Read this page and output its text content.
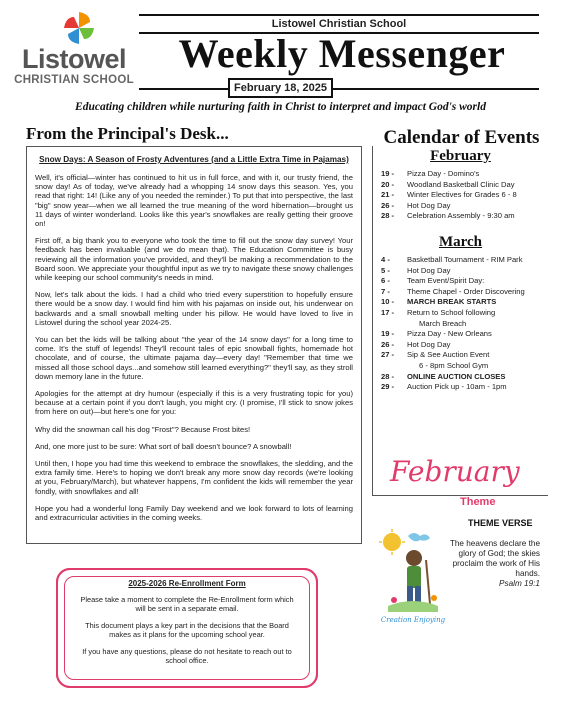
Listowel
CHRISTIAN SCHOOL
Listowel Christian School
Weekly Messenger
February 18, 2025
Educating children while nurturing faith in Christ to interpret and impact God's world
From the Principal's Desk...
Snow Days: A Season of Frosty Adventures (and a Little Extra Time in Pajamas)

Well, it's official—winter has continued to hit us in full force, and with it, our trusty friend, the snow day! As of today, we've already had a whopping 14 snow days this season. Yes, you read that right: 14! (Like any of you needed the reminder.) To put that into perspective, the last "big" snow year—when we all learned the true meaning of the word hibernation—brought us 11 days of winter wonderland. Looks like this year's snowflakes are really getting their groove on!

First off, a big thank you to everyone who took the time to fill out the snow day survey! Your feedback has been invaluable (and we do mean that). The Education Committee is busy reviewing all the information you've provided, and they'll be making a recommendation to the Board soon. We appreciate your thoughtful input as we try to navigate these snowy challenges while keeping our school community's needs in mind.

Now, let's talk about the kids. I had a child who tried every superstition to hopefully ensure there would be a snow day. I would find him with his pajamas on inside out, his underwear on backwards and a small snowball melting under his pillow. He would have loved to live in Listowel during the school year 2024-25.

You can bet the kids will be talking about "the year of the 14 snow days" for a long time to come. It's the stuff of legends! They'll recount tales of epic snowball fights, homemade hot chocolate, and of course, the ultimate pajama day—every day! "Remember that time we missed all those school days...and somehow still learned everything?" they'll say, as they stroll down memory lane in the future.

Apologies for the attempt at dry humour (especially if this is a very frustrating topic for you) because at a certain point if you don't laugh, you might cry. (I promise, I'll stick to snow jokes from here on out)—but here's one for you:

Why did the snowman call his dog "Frost"? Because Frost bites!

And, one more just to be sure: What sort of ball doesn't bounce? A snowball!

Until then, I hope you had time this weekend to embrace the snowflakes, the sledding, and the extra family time. Here's to hoping we don't break any more snow day records (we're looking at you, February/March), but whatever happens, I'm confident the kids will remember the year fondly, with snowflakes and all!

Hope you had a wonderful long Family Day weekend and we look forward to lots of learning and extracurricular activities in the coming weeks.

Calendar of Events
February
19 -	Pizza Day - Domino's
20 -	Woodland Basketball Clinic Day
21 -	Winter Electives for Grades 6 - 8
26 -	Hot Dog Day
28 -	Celebration Assembly - 9:30 am
March
4 -	Basketball Tournament - RIM Park
5 -	Hot Dog Day
6 -	Team Event/Spirit Day:
7 -	Theme Chapel - Order Discovering
10 -	MARCH BREAK STARTS
17 -	Return to School following
March Breach
19 -	Pizza Day - New Orleans
26 -	Hot Dog Day
27 -	Sip & See Auction Event
6 - 8pm School Gym
28 -	ONLINE AUCTION CLOSES
29 -	Auction Pick up - 10am - 1pm
February
Theme
THEME VERSE
The heavens declare the glory of God; the skies proclaim the work of His hands.
Psalm 19:1
Creation Enjoying
2025-2026 Re-Enrollment Form

Please take a moment to complete the Re-Enrollment form which will be sent in a separate email.

This document plays a key part in the decisions that the Board makes as it plans for the upcoming school year.

If you have any questions, please do not hesitate to reach out to school office.
